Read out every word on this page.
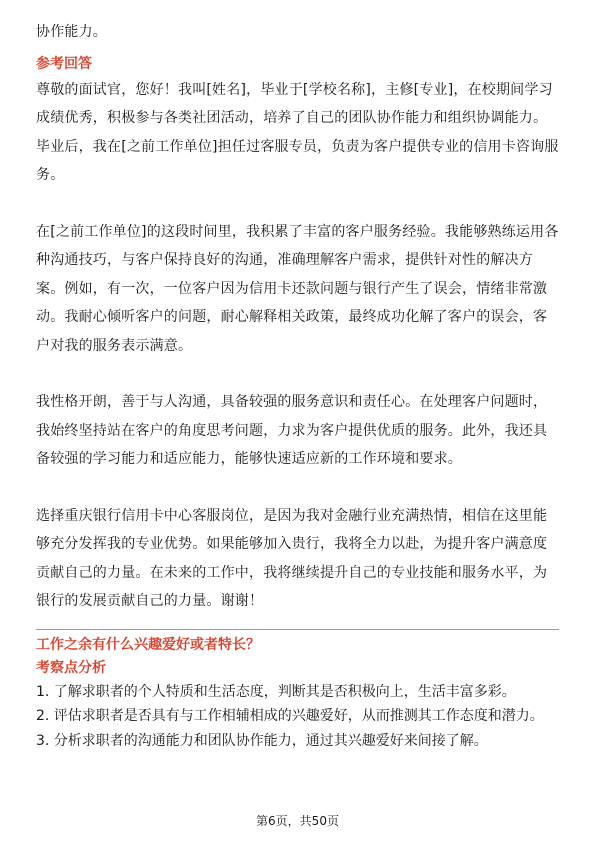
协作能力。

参考回答

尊敬的面试官，您好！我叫[姓名]，毕业于[学校名称]，主修[专业]，在校期间学习成绩优秀，积极参与各类社团活动，培养了自己的团队协作能力和组织协调能力。毕业后，我在[之前工作单位]担任过客服专员，负责为客户提供专业的信用卡咨询服务。

在[之前工作单位]的这段时间里，我积累了丰富的客户服务经验。我能够熟练运用各种沟通技巧，与客户保持良好的沟通，准确理解客户需求，提供针对性的解决方案。例如，有一次，一位客户因为信用卡还款问题与银行产生了误会，情绪非常激动。我耐心倾听客户的问题，耐心解释相关政策，最终成功化解了客户的误会，客户对我的服务表示满意。

我性格开朗，善于与人沟通，具备较强的服务意识和责任心。在处理客户问题时，我始终坚持站在客户的角度思考问题，力求为客户提供优质的服务。此外，我还具备较强的学习能力和适应能力，能够快速适应新的工作环境和要求。

选择重庆银行信用卡中心客服岗位，是因为我对金融行业充满热情，相信在这里能够充分发挥我的专业优势。如果能够加入贵行，我将全力以赴，为提升客户满意度贡献自己的力量。在未来的工作中，我将继续提升自己的专业技能和服务水平，为银行的发展贡献自己的力量。谢谢！

工作之余有什么兴趣爱好或者特长？

考察点分析

1. 了解求职者的个人特质和生活态度，判断其是否积极向上，生活丰富多彩。

2. 评估求职者是否具有与工作相辅相成的兴趣爱好，从而推测其工作态度和潜力。

3. 分析求职者的沟通能力和团队协作能力，通过其兴趣爱好来间接了解。

第6页，共50页
